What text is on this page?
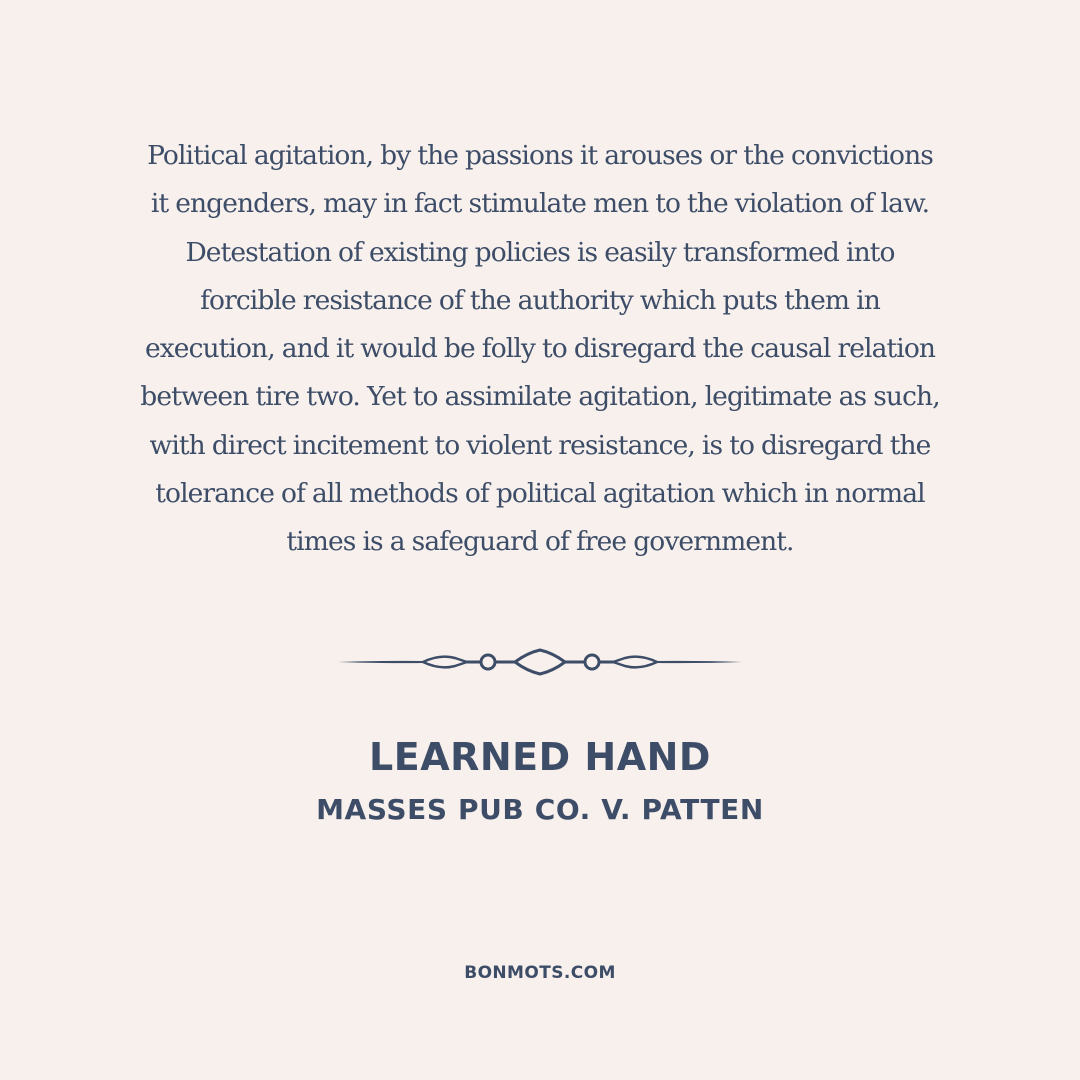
Political agitation, by the passions it arouses or the convictions
it engenders, may in fact stimulate men to the violation of law.
Detestation of existing policies is easily transformed into
forcible resistance of the authority which puts them in
execution, and it would be folly to disregard the causal relation
between tire two. Yet to assimilate agitation, legitimate as such,
with direct incitement to violent resistance, is to disregard the
tolerance of all methods of political agitation which in normal
times is a safeguard of free government.

LEARNED HAND

MASSES PUB CO. V. PATTEN

BONMOTS.COM
